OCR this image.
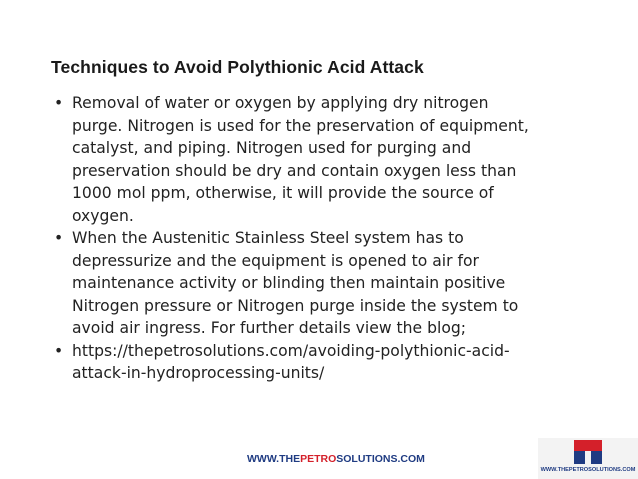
Techniques to Avoid Polythionic Acid Attack
• Removal of water or oxygen by applying dry nitrogen
purge. Nitrogen is used for the preservation of equipment,
catalyst, and piping. Nitrogen used for purging and
preservation should be dry and contain oxygen less than
1000 mol ppm, otherwise, it will provide the source of
oxygen.
• When the Austenitic Stainless Steel system has to
depressurize and the equipment is opened to air for
maintenance activity or blinding then maintain positive
Nitrogen pressure or Nitrogen purge inside the system to
avoid air ingress. For further details view the blog;
• https://thepetrosolutions.com/avoiding-polythionic-acid-
attack-in-hydroprocessing-units/
WWW.THEPETROSOLUTIONS.COM
WWW.THEPETROSOLUTIONS.COM
